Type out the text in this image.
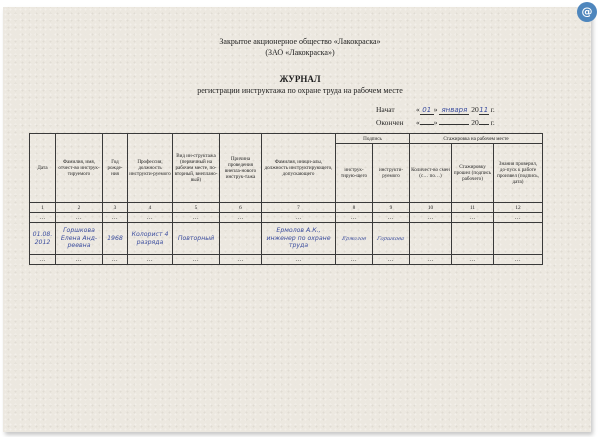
@
Закрытое акционерное общество «Лакокраска»
(ЗАО «Лакокраска»)
ЖУРНАЛ
регистрации инструктажа по охране труда на рабочем месте
Начат	« 01 » января 2011 г.
Окончен « »	20 г.
Дата	Фамилия, имя, отчест-во инструк-тируемого	Год рожде-ния	Профессия, должность инструкти-руемого	Вид ин-структажа (первичный на рабочем месте, по-вторный, внеплано-вый)	Причина проведения внепла-нового инструк-тажа	Фамилия, иници-алы, должность инструктирующего, допускающего	Подпись		Стажировка на рабочем месте		
							инструк-тирую-щего	инструкти-руемого	Количест-во смен (с… по…)	Стажировку прошел (подпись рабочего)	Знания проверил, до-пуск к работе произвел (подпись, дата)
1	2	3	4	5	6	7	8	9	10	11	12
…	…	…	…	…	…	…	…	…	…	…	…
01.08. 2012	Горшкова Елена Анд-реевна	1968	Колорист 4 разряда	Повторный		Ермолов А.К., инженер по охране труда	Ермолов	Горшкова			
…	…	…	…	…	…	…	…	…	…	…	…
